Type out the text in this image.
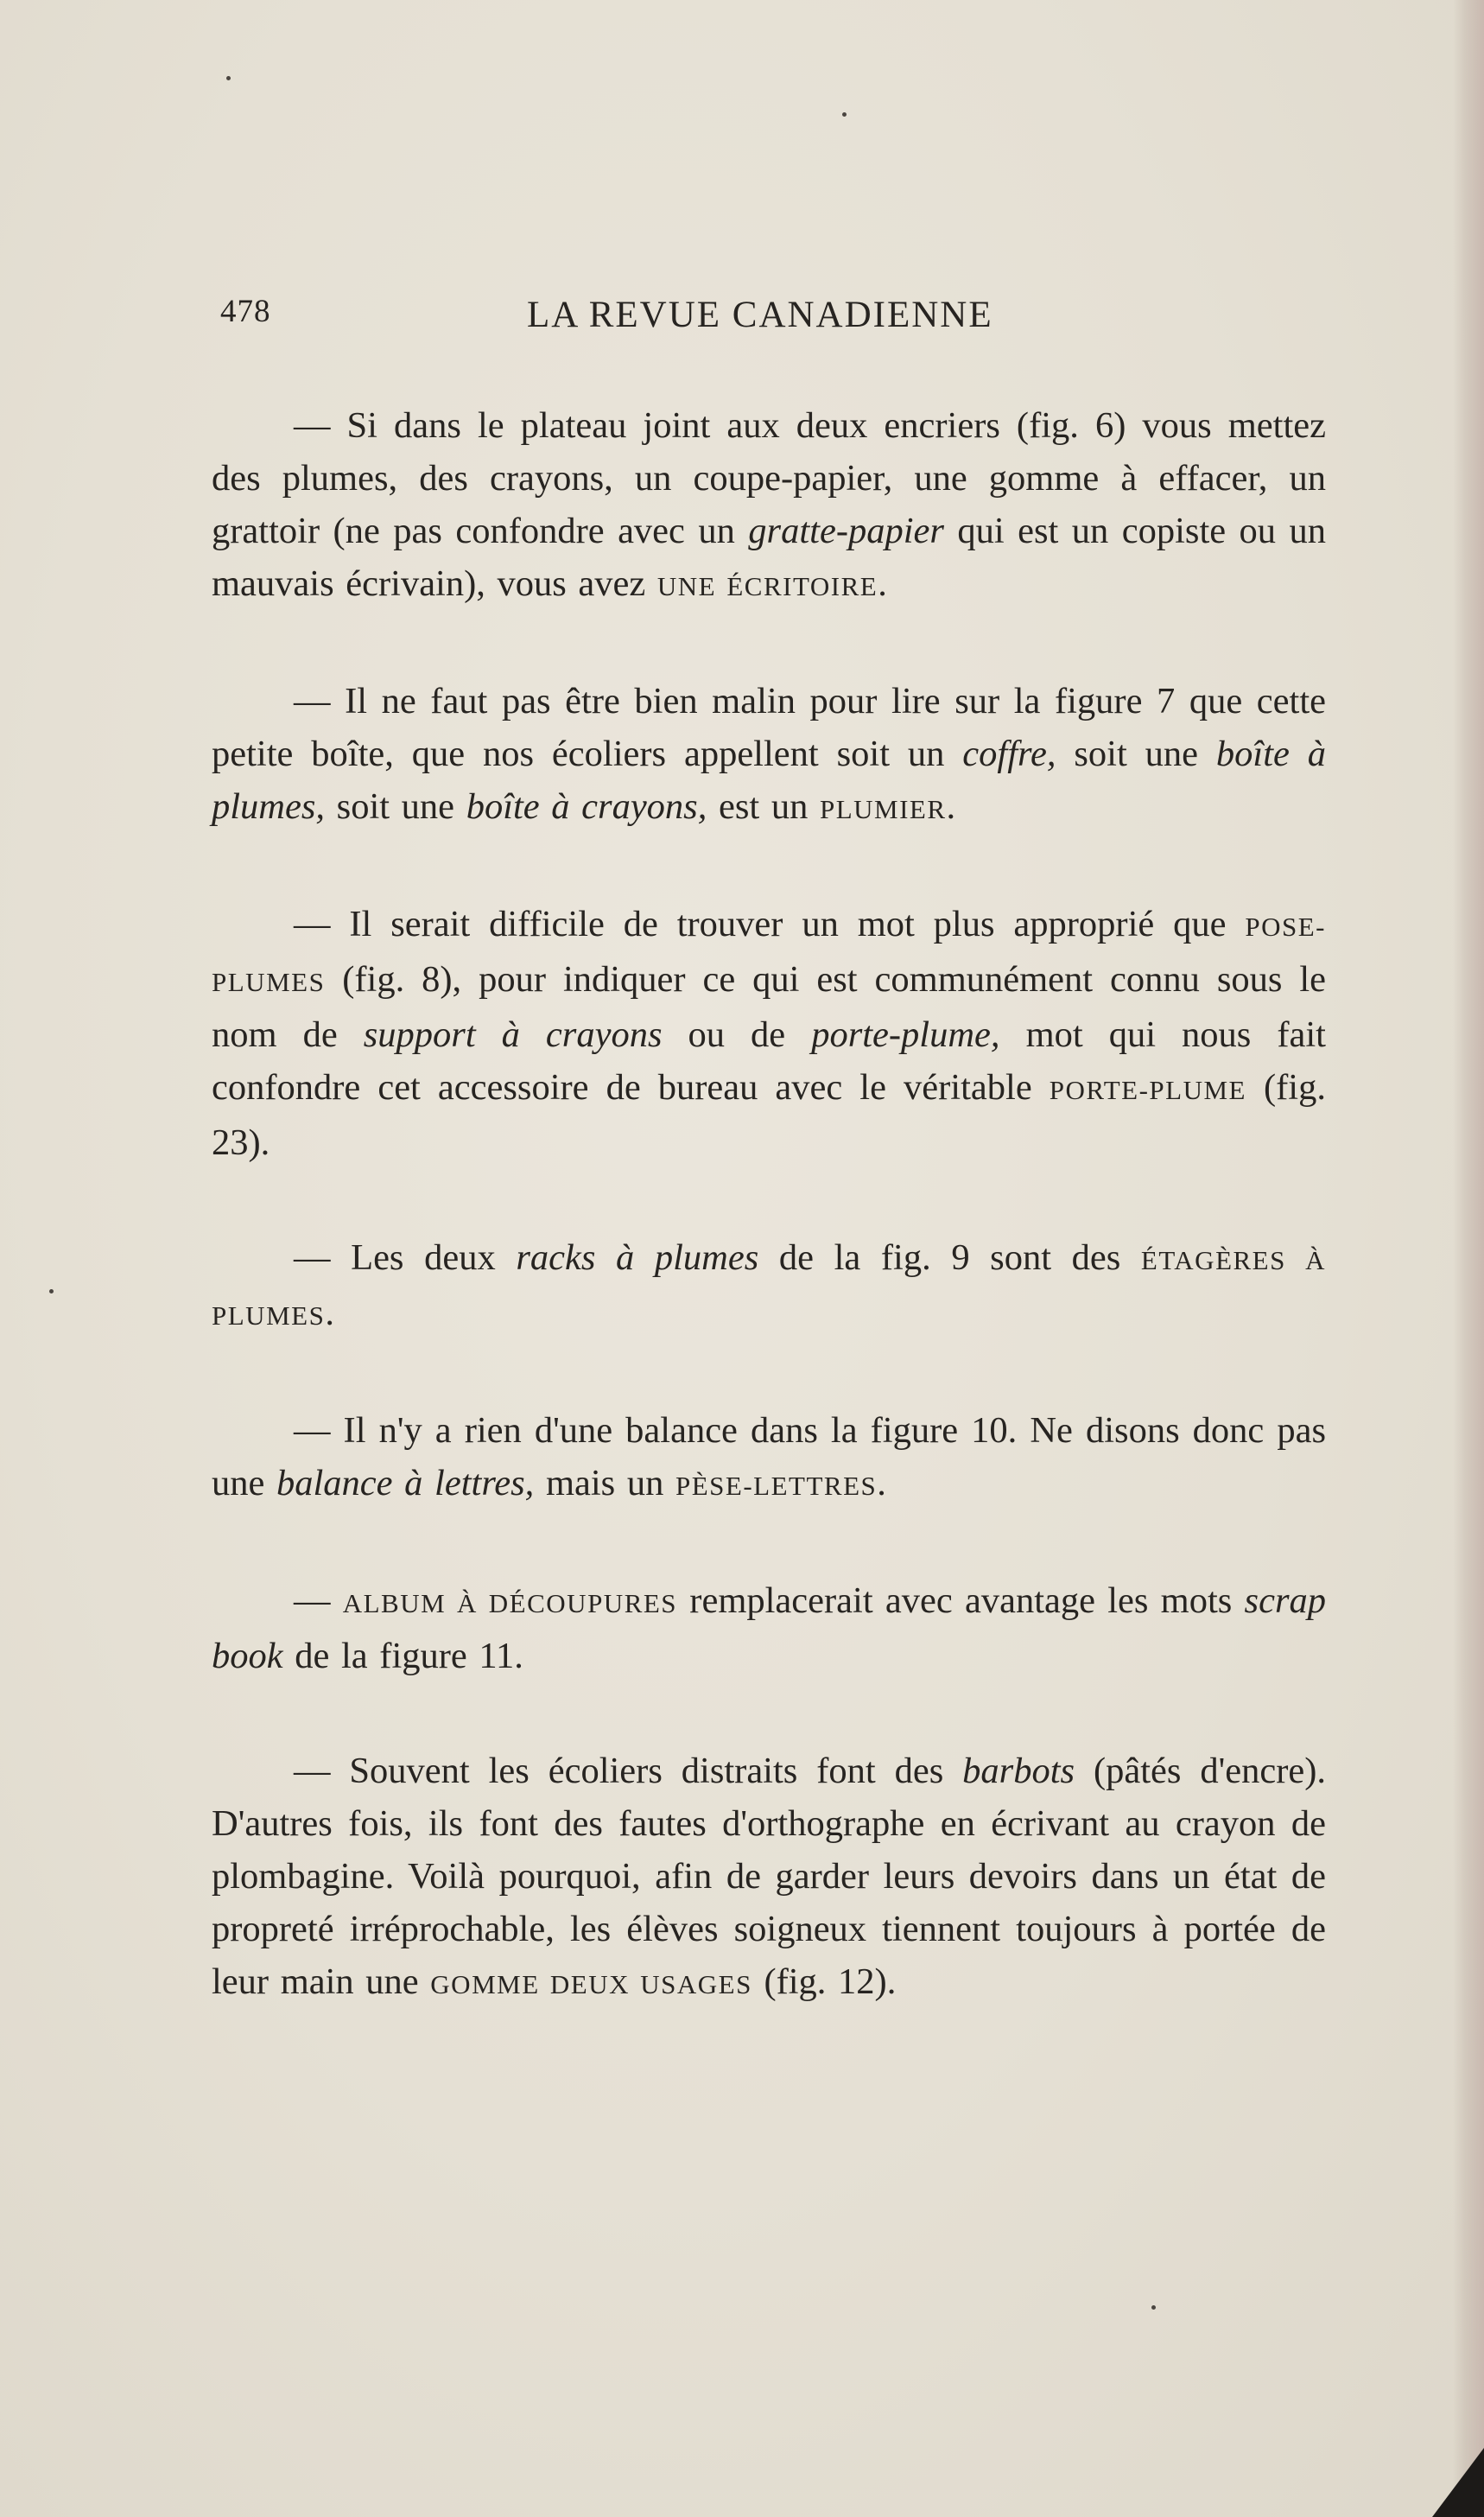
478	LA REVUE CANADIENNE

— Si dans le plateau joint aux deux encriers (fig. 6) vous mettez des plumes, des crayons, un coupe-papier, une gomme à effacer, un grattoir (ne pas confondre avec un gratte-papier qui est un copiste ou un mauvais écrivain), vous avez UNE ÉCRITOIRE.

— Il ne faut pas être bien malin pour lire sur la figure 7 que cette petite boîte, que nos écoliers appellent soit un coffre, soit une boîte à plumes, soit une boîte à crayons, est un PLUMIER.

— Il serait difficile de trouver un mot plus approprié que POSE-PLUMES (fig. 8), pour indiquer ce qui est communément connu sous le nom de support à crayons ou de porte-plume, mot qui nous fait confondre cet accessoire de bureau avec le véritable PORTE-PLUME (fig. 23).

— Les deux racks à plumes de la fig. 9 sont des ÉTAGÈRES À PLUMES.

— Il n'y a rien d'une balance dans la figure 10. Ne disons donc pas une balance à lettres, mais un PÈSE-LETTRES.

— ALBUM À DÉCOUPURES remplacerait avec avantage les mots scrap book de la figure 11.

— Souvent les écoliers distraits font des barbots (pâtés d'encre). D'autres fois, ils font des fautes d'orthographe en écrivant au crayon de plombagine. Voilà pourquoi, afin de garder leurs devoirs dans un état de propreté irréprochable, les élèves soigneux tiennent toujours à portée de leur main une GOMME DEUX USAGES (fig. 12).
